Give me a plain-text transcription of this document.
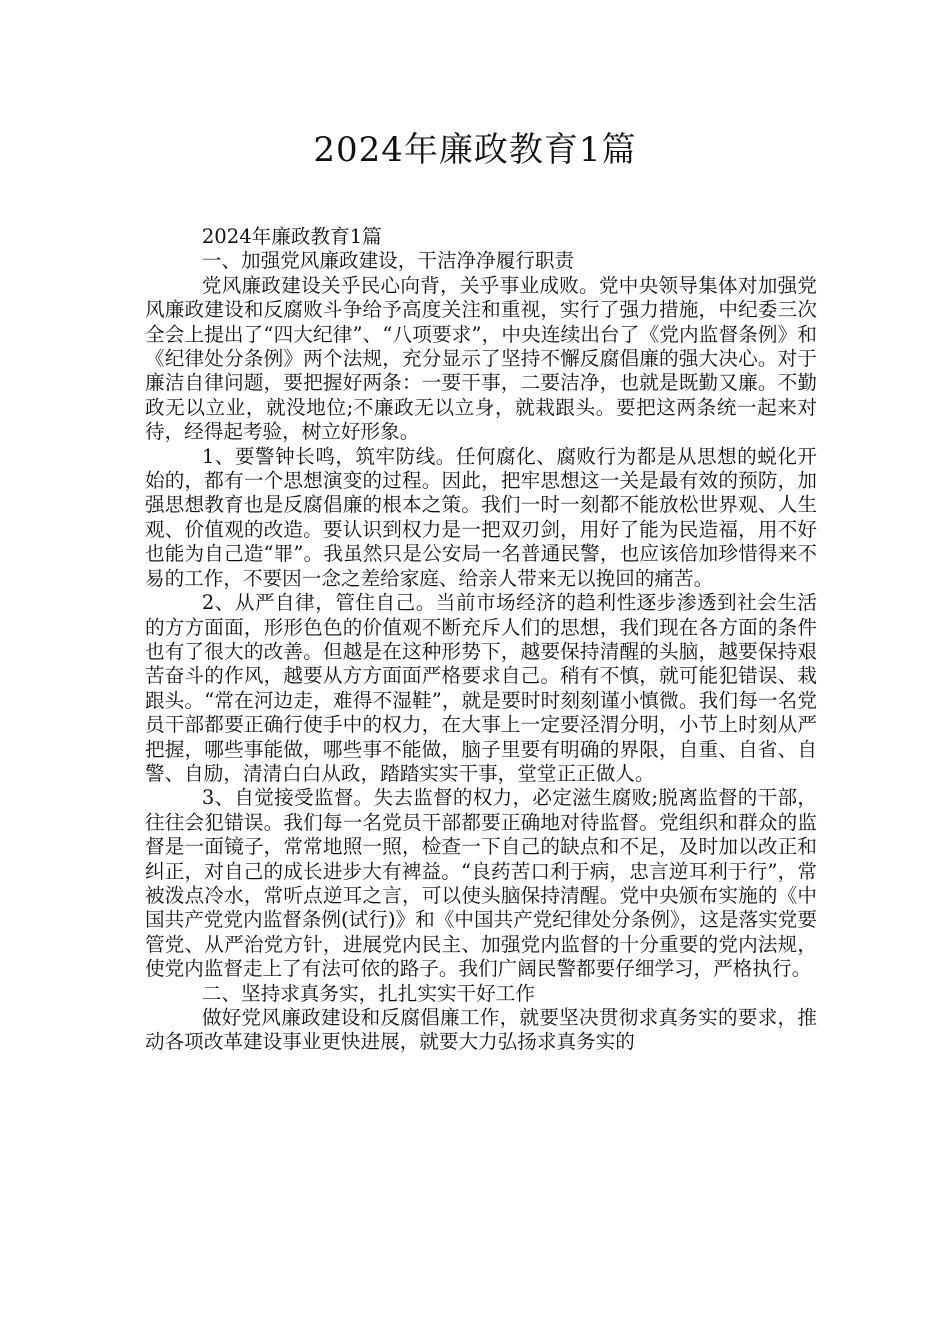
2024年廉政教育1篇

2024年廉政教育1篇

一、加强党风廉政建设，干洁净净履行职责

党风廉政建设关乎民心向背，关乎事业成败。党中央领导集体对加强党风廉政建设和反腐败斗争给予高度关注和重视，实行了强力措施，中纪委三次全会上提出了“四大纪律”、“八项要求”，中央连续出台了《党内监督条例》和《纪律处分条例》两个法规，充分显示了坚持不懈反腐倡廉的强大决心。对于廉洁自律问题，要把握好两条：一要干事，二要洁净，也就是既勤又廉。不勤政无以立业，就没地位;不廉政无以立身，就栽跟头。要把这两条统一起来对待，经得起考验，树立好形象。

1、要警钟长鸣，筑牢防线。任何腐化、腐败行为都是从思想的蜕化开始的，都有一个思想演变的过程。因此，把牢思想这一关是最有效的预防，加强思想教育也是反腐倡廉的根本之策。我们一时一刻都不能放松世界观、人生观、价值观的改造。要认识到权力是一把双刃剑，用好了能为民造福，用不好也能为自己造“罪”。我虽然只是公安局一名普通民警，也应该倍加珍惜得来不易的工作，不要因一念之差给家庭、给亲人带来无以挽回的痛苦。

2、从严自律，管住自己。当前市场经济的趋利性逐步渗透到社会生活的方方面面，形形色色的价值观不断充斥人们的思想，我们现在各方面的条件也有了很大的改善。但越是在这种形势下，越要保持清醒的头脑，越要保持艰苦奋斗的作风，越要从方方面面严格要求自己。稍有不慎，就可能犯错误、栽跟头。“常在河边走，难得不湿鞋”，就是要时时刻刻谨小慎微。我们每一名党员干部都要正确行使手中的权力，在大事上一定要泾渭分明，小节上时刻从严把握，哪些事能做，哪些事不能做，脑子里要有明确的界限，自重、自省、自警、自励，清清白白从政，踏踏实实干事，堂堂正正做人。

3、自觉接受监督。失去监督的权力，必定滋生腐败;脱离监督的干部，往往会犯错误。我们每一名党员干部都要正确地对待监督。党组织和群众的监督是一面镜子，常常地照一照，检查一下自己的缺点和不足，及时加以改正和纠正，对自己的成长进步大有裨益。“良药苦口利于病，忠言逆耳利于行”，常被泼点冷水，常听点逆耳之言，可以使头脑保持清醒。党中央颁布实施的《中国共产党党内监督条例(试行)》和《中国共产党纪律处分条例》，这是落实党要管党、从严治党方针，进展党内民主、加强党内监督的十分重要的党内法规，使党内监督走上了有法可依的路子。我们广阔民警都要仔细学习，严格执行。

二、坚持求真务实，扎扎实实干好工作

做好党风廉政建设和反腐倡廉工作，就要坚决贯彻求真务实的要求，推动各项改革建设事业更快进展，就要大力弘扬求真务实的
